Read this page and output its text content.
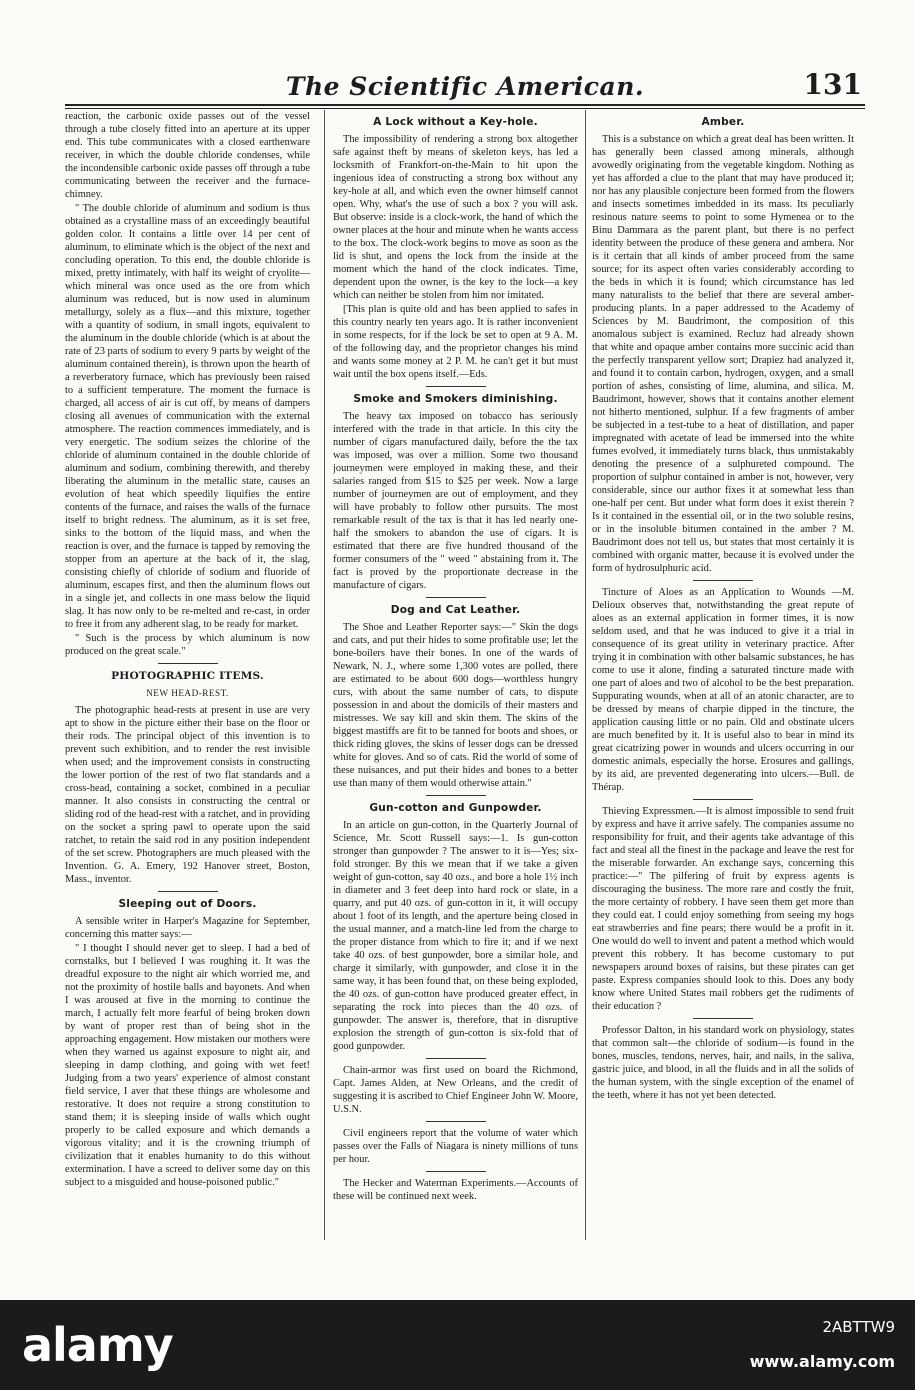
The Scientific American.	131

reaction, the carbonic oxide passes out of the vessel through a tube closely fitted into an aperture at its upper end. This tube communicates with a closed earthenware receiver, in which the double chloride condenses, while the incondensible carbonic oxide passes off through a tube communicating between the receiver and the furnace-chimney.

" The double chloride of aluminum and sodium is thus obtained as a crystalline mass of an exceedingly beautiful golden color. It contains a little over 14 per cent of aluminum, to eliminate which is the object of the next and concluding operation. To this end, the double chloride is mixed, pretty intimately, with half its weight of cryolite—which mineral was once used as the ore from which aluminum was reduced, but is now used in aluminum metallurgy, solely as a flux—and this mixture, together with a quantity of sodium, in small ingots, equivalent to the aluminum in the double chloride (which is at about the rate of 23 parts of sodium to every 9 parts by weight of the aluminum contained therein), is thrown upon the hearth of a reverberatory furnace, which has previously been raised to a sufficient temperature. The moment the furnace is charged, all access of air is cut off, by means of dampers closing all avenues of communication with the external atmosphere. The reaction commences immediately, and is very energetic. The sodium seizes the chlorine of the chloride of aluminum contained in the double chloride of aluminum and sodium, combining therewith, and thereby liberating the aluminum in the metallic state, causes an evolution of heat which speedily liquifies the entire contents of the furnace, and raises the walls of the furnace itself to bright redness. The aluminum, as it is set free, sinks to the bottom of the liquid mass, and when the reaction is over, and the furnace is tapped by removing the stopper from an aperture at the back of it, the slag, consisting chiefly of chloride of sodium and fluoride of aluminum, escapes first, and then the aluminum flows out in a single jet, and collects in one mass below the liquid slag. It has now only to be re-melted and re-cast, in order to free it from any adherent slag, to be ready for market.

" Such is the process by which aluminum is now produced on the great scale."

PHOTOGRAPHIC ITEMS.
NEW HEAD-REST.

The photographic head-rests at present in use are very apt to show in the picture either their base on the floor or their rods. The principal object of this invention is to prevent such exhibition, and to render the rest invisible when used; and the improvement consists in constructing the lower portion of the rest of two flat standards and a cross-head, containing a socket, combined in a peculiar manner. It also consists in constructing the central or sliding rod of the head-rest with a ratchet, and in providing on the socket a spring pawl to operate upon the said ratchet, to retain the said rod in any position independent of the set screw. Photographers are much pleased with the Invention. G. A. Emery, 192 Hanover street, Boston, Mass., inventor.

Sleeping out of Doors.

A sensible writer in Harper's Magazine for September, concerning this matter says:—

" I thought I should never get to sleep. I had a bed of cornstalks, but I believed I was roughing it. It was the dreadful exposure to the night air which worried me, and not the proximity of hostile balls and bayonets. And when I was aroused at five in the morning to continue the march, I actually felt more fearful of being broken down by want of proper rest than of being shot in the approaching engagement. How mistaken our mothers were when they warned us against exposure to night air, and sleeping in damp clothing, and going with wet feet! Judging from a two years' experience of almost constant field service, I aver that these things are wholesome and restorative. It does not require a strong constitution to stand them; it is sleeping inside of walls which ought properly to be called exposure and which demands a vigorous vitality; and it is the crowning triumph of civilization that it enables humanity to do this without extermination. I have a screed to deliver some day on this subject to a misguided and house-poisoned public."

A Lock without a Key-hole.

The impossibility of rendering a strong box altogether safe against theft by means of skeleton keys, has led a locksmith of Frankfort-on-the-Main to hit upon the ingenious idea of constructing a strong box without any key-hole at all, and which even the owner himself cannot open. Why, what's the use of such a box ? you will ask. But observe: inside is a clock-work, the hand of which the owner places at the hour and minute when he wants access to the box. The clock-work begins to move as soon as the lid is shut, and opens the lock from the inside at the moment which the hand of the clock indicates. Time, dependent upon the owner, is the key to the lock—a key which can neither be stolen from him nor imitated.

[This plan is quite old and has been applied to safes in this country nearly ten years ago. It is rather inconvenient in some respects, for if the lock be set to open at 9 A. M. of the following day, and the proprietor changes his mind and wants some money at 2 P. M. he can't get it but must wait until the box opens itself.—Eds.

Smoke and Smokers diminishing.

The heavy tax imposed on tobacco has seriously interfered with the trade in that article. In this city the number of cigars manufactured daily, before the the tax was imposed, was over a million. Some two thousand journeymen were employed in making these, and their salaries ranged from $15 to $25 per week. Now a large number of journeymen are out of employment, and they will have probably to follow other pursuits. The most remarkable result of the tax is that it has led nearly one-half the smokers to abandon the use of cigars. It is estimated that there are five hundred thousand of the former consumers of the " weed " abstaining from it. The fact is proved by the proportionate decrease in the manufacture of cigars.

Dog and Cat Leather.

The Shoe and Leather Reporter says:—" Skin the dogs and cats, and put their hides to some profitable use; let the bone-boilers have their bones. In one of the wards of Newark, N. J., where some 1,300 votes are polled, there are estimated to be about 600 dogs—worthless hungry curs, with about the same number of cats, to dispute possession in and about the domicils of their masters and mistresses. We say kill and skin them. The skins of the biggest mastiffs are fit to be tanned for boots and shoes, or thick riding gloves, the skins of lesser dogs can be dressed white for gloves. And so of cats. Rid the world of some of these nuisances, and put their hides and bones to a better use than many of them would otherwise attain."

Gun-cotton and Gunpowder.

In an article on gun-cotton, in the Quarterly Journal of Science, Mr. Scott Russell says:—1. Is gun-cotton stronger than gunpowder ? The answer to it is—Yes; six-fold stronger. By this we mean that if we take a given weight of gun-cotton, say 40 ozs., and bore a hole 1½ inch in diameter and 3 feet deep into hard rock or slate, in a quarry, and put 40 ozs. of gun-cotton in it, it will occupy about 1 foot of its length, and the aperture being closed in the usual manner, and a match-line led from the charge to the proper distance from which to fire it; and if we next take 40 ozs. of best gunpowder, bore a similar hole, and charge it similarly, with gunpowder, and close it in the same way, it has been found that, on these being exploded, the 40 ozs. of gun-cotton have produced greater effect, in separating the rock into pieces than the 40 ozs. of gunpowder. The answer is, therefore, that in disruptive explosion the strength of gun-cotton is six-fold that of good gunpowder.

Chain-armor was first used on board the Richmond, Capt. James Alden, at New Orleans, and the credit of suggesting it is ascribed to Chief Engineer John W. Moore, U.S.N.

Civil engineers report that the volume of water which passes over the Falls of Niagara is ninety millions of tuns per hour.

The Hecker and Waterman Experiments.—Accounts of these will be continued next week.

Amber.

This is a substance on which a great deal has been written. It has generally been classed among minerals, although avowedly originating from the vegetable kingdom. Nothing as yet has afforded a clue to the plant that may have produced it; nor has any plausible conjecture been formed from the flowers and insects sometimes imbedded in its mass. Its peculiarly resinous nature seems to point to some Hymenea or to the Binu Dammara as the parent plant, but there is no perfect identity between the produce of these genera and ambera. Nor is it certain that all kinds of amber proceed from the same source; for its aspect often varies considerably according to the beds in which it is found; which circumstance has led many naturalists to the belief that there are several amber-producing plants. In a paper addressed to the Academy of Sciences by M. Baudrimont, the composition of this anomalous subject is examined. Recluz had already shown that white and opaque amber contains more succinic acid than the perfectly transparent yellow sort; Drapiez had analyzed it, and found it to contain carbon, hydrogen, oxygen, and a small portion of ashes, consisting of lime, alumina, and silica. M. Baudrimont, however, shows that it contains another element not hitherto mentioned, sulphur. If a few fragments of amber be subjected in a test-tube to a heat of distillation, and paper impregnated with acetate of lead be immersed into the white fumes evolved, it immediately turns black, thus unmistakably denoting the presence of a sulphureted compound. The proportion of sulphur contained in amber is not, however, very considerable, since our author fixes it at somewhat less than one-half per cent. But under what form does it exist therein ? Is it contained in the essential oil, or in the two soluble resins, or in the insoluble bitumen contained in the amber ? M. Baudrimont does not tell us, but states that most certainly it is combined with organic matter, because it is evolved under the form of hydrosulphuric acid.

Tincture of Aloes as an Application to Wounds —M. Delioux observes that, notwithstanding the great repute of aloes as an external application in former times, it is now seldom used, and that he was induced to give it a trial in consequence of its great utility in veterinary practice. After trying it in combination with other balsamic substances, he has come to use it alone, finding a saturated tincture made with one part of aloes and two of alcohol to be the best preparation. Suppurating wounds, when at all of an atonic character, are to be dressed by means of charpie dipped in the tincture, the application causing little or no pain. Old and obstinate ulcers are much benefited by it. It is useful also to bear in mind its great cicatrizing power in wounds and ulcers occurring in our domestic animals, especially the horse. Erosures and gallings, by its aid, are prevented degenerating into ulcers.—Bull. de Thérap.

Thieving Expressmen.—It is almost impossible to send fruit by express and have it arrive safely. The companies assume no responsibility for fruit, and their agents take advantage of this fact and steal all the finest in the package and leave the rest for the miserable forwarder. An exchange says, concerning this practice:—" The pilfering of fruit by express agents is discouraging the business. The more rare and costly the fruit, the more certainty of robbery. I have seen them get more than they could eat. I could enjoy something from seeing my hogs eat strawberries and fine pears; there would be a profit in it. One would do well to invent and patent a method which would prevent this robbery. It has become customary to put newspapers around boxes of raisins, but these pirates can get paste. Express companies should look to this. Does any body know where United States mail robbers get the rudiments of their education ?

Professor Dalton, in his standard work on physiology, states that common salt—the chloride of sodium—is found in the bones, muscles, tendons, nerves, hair, and nails, in the saliva, gastric juice, and blood, in all the fluids and in all the solids of the human system, with the single exception of the enamel of the teeth, where it has not yet been detected.

alamy	2ABTTW9
www.alamy.com
